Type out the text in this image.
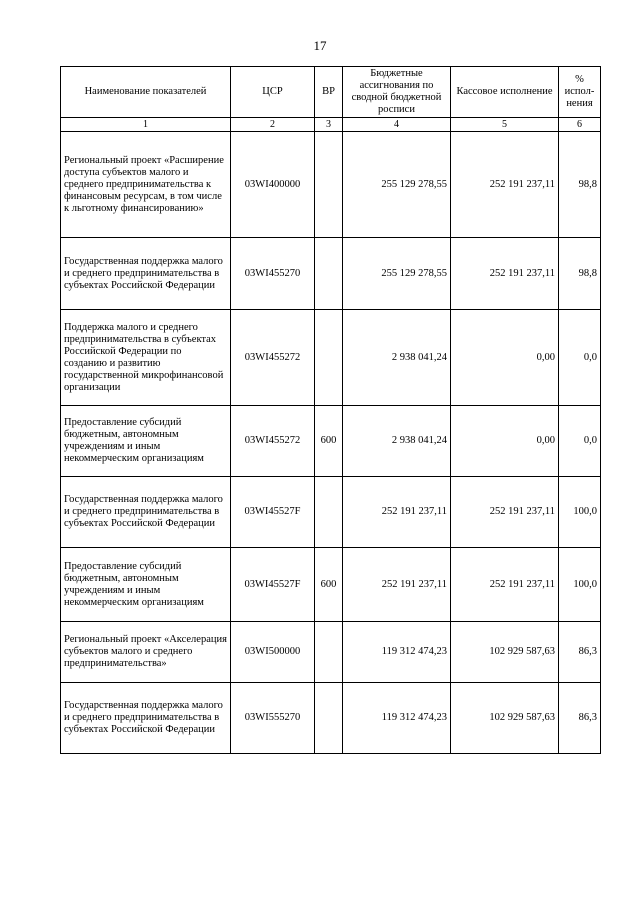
17
Наименование показателей	ЦСР	ВР	Бюджетные ассигнования по сводной бюджетной росписи	Кассовое исполнение	% испол-нения
1	2	3	4	5	6
Региональный проект «Расширение доступа субъектов малого и среднего предпринимательства к финансовым ресурсам, в том числе к льготному финансированию»	03WI400000		255 129 278,55	252 191 237,11	98,8
Государственная поддержка малого и среднего предпринимательства в субъектах Российской Федерации	03WI455270		255 129 278,55	252 191 237,11	98,8
Поддержка малого и среднего предпринимательства в субъектах Российской Федерации по созданию и развитию государственной микрофинансовой организации	03WI455272		2 938 041,24	0,00	0,0
Предоставление субсидий бюджетным, автономным учреждениям и иным некоммерческим организациям	03WI455272	600	2 938 041,24	0,00	0,0
Государственная поддержка малого и среднего предпринимательства в субъектах Российской Федерации	03WI45527F		252 191 237,11	252 191 237,11	100,0
Предоставление субсидий бюджетным, автономным учреждениям и иным некоммерческим организациям	03WI45527F	600	252 191 237,11	252 191 237,11	100,0
Региональный проект «Акселерация субъектов малого и среднего предпринимательства»	03WI500000		119 312 474,23	102 929 587,63	86,3
Государственная поддержка малого и среднего предпринимательства в субъектах Российской Федерации	03WI555270		119 312 474,23	102 929 587,63	86,3
